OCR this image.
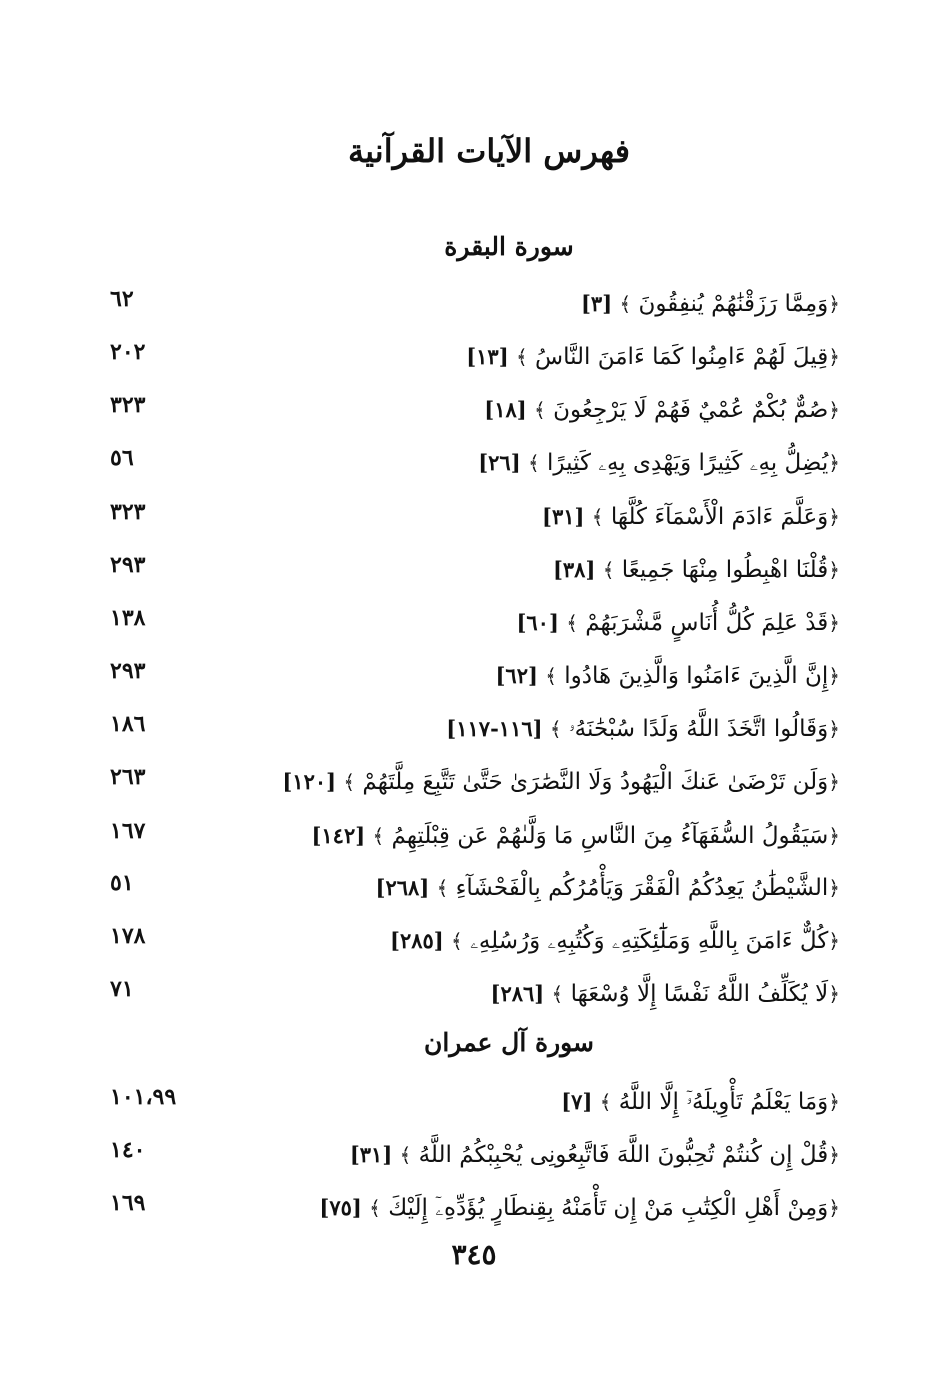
فهرس الآيات القرآنية
سورة البقرة
﴿وَمِمَّا رَزَقْنَٰهُمْ يُنفِقُونَ ﴾ [٣]
٦٢
﴿قِيلَ لَهُمْ ءَامِنُوا كَمَا ءَامَنَ النَّاسُ ﴾ [١٣]
٢٠٢
﴿صُمٌّ بُكْمٌ عُمْيٌ فَهُمْ لَا يَرْجِعُونَ ﴾ [١٨]
٣٢٣
﴿يُضِلُّ بِهِۦ كَثِيرًا وَيَهْدِى بِهِۦ كَثِيرًا ﴾ [٢٦]
٥٦
﴿وَعَلَّمَ ءَادَمَ الْأَسْمَآءَ كُلَّهَا ﴾ [٣١]
٣٢٣
﴿قُلْنَا اهْبِطُوا مِنْهَا جَمِيعًا ﴾ [٣٨]
٢٩٣
﴿قَدْ عَلِمَ كُلُّ أُنَاسٍ مَّشْرَبَهُمْ ﴾ [٦٠]
١٣٨
﴿إِنَّ الَّذِينَ ءَامَنُوا وَالَّذِينَ هَادُوا ﴾ [٦٢]
٢٩٣
﴿وَقَالُوا اتَّخَذَ اللَّهُ وَلَدًا سُبْحَٰنَهُۥ ﴾ [١١٦-١١٧]
١٨٦
﴿وَلَن تَرْضَىٰ عَنكَ الْيَهُودُ وَلَا النَّصَٰرَىٰ حَتَّىٰ تَتَّبِعَ مِلَّتَهُمْ ﴾ [١٢٠]
٢٦٣
﴿سَيَقُولُ السُّفَهَآءُ مِنَ النَّاسِ مَا وَلَّىٰهُمْ عَن قِبْلَتِهِمُ ﴾ [١٤٢]
١٦٧
﴿الشَّيْطَٰنُ يَعِدُكُمُ الْفَقْرَ وَيَأْمُرُكُم بِالْفَحْشَآءِ ﴾ [٢٦٨]
٥١
﴿كُلٌّ ءَامَنَ بِاللَّهِ وَمَلَٰٓئِكَتِهِۦ وَكُتُبِهِۦ وَرُسُلِهِۦ ﴾ [٢٨٥]
١٧٨
﴿لَا يُكَلِّفُ اللَّهُ نَفْسًا إِلَّا وُسْعَهَا ﴾ [٢٨٦]
٧١
سورة آل عمران
﴿وَمَا يَعْلَمُ تَأْوِيلَهُۥٓ إِلَّا اللَّهُ ﴾ [٧]
١٠١،٩٩
﴿قُلْ إِن كُنتُمْ تُحِبُّونَ اللَّهَ فَاتَّبِعُونِى يُحْبِبْكُمُ اللَّهُ ﴾ [٣١]
١٤٠
﴿وَمِنْ أَهْلِ الْكِتَٰبِ مَنْ إِن تَأْمَنْهُ بِقِنطَارٍ يُؤَدِّهِۦٓ إِلَيْكَ ﴾ [٧٥]
١٦٩
٣٤٥
